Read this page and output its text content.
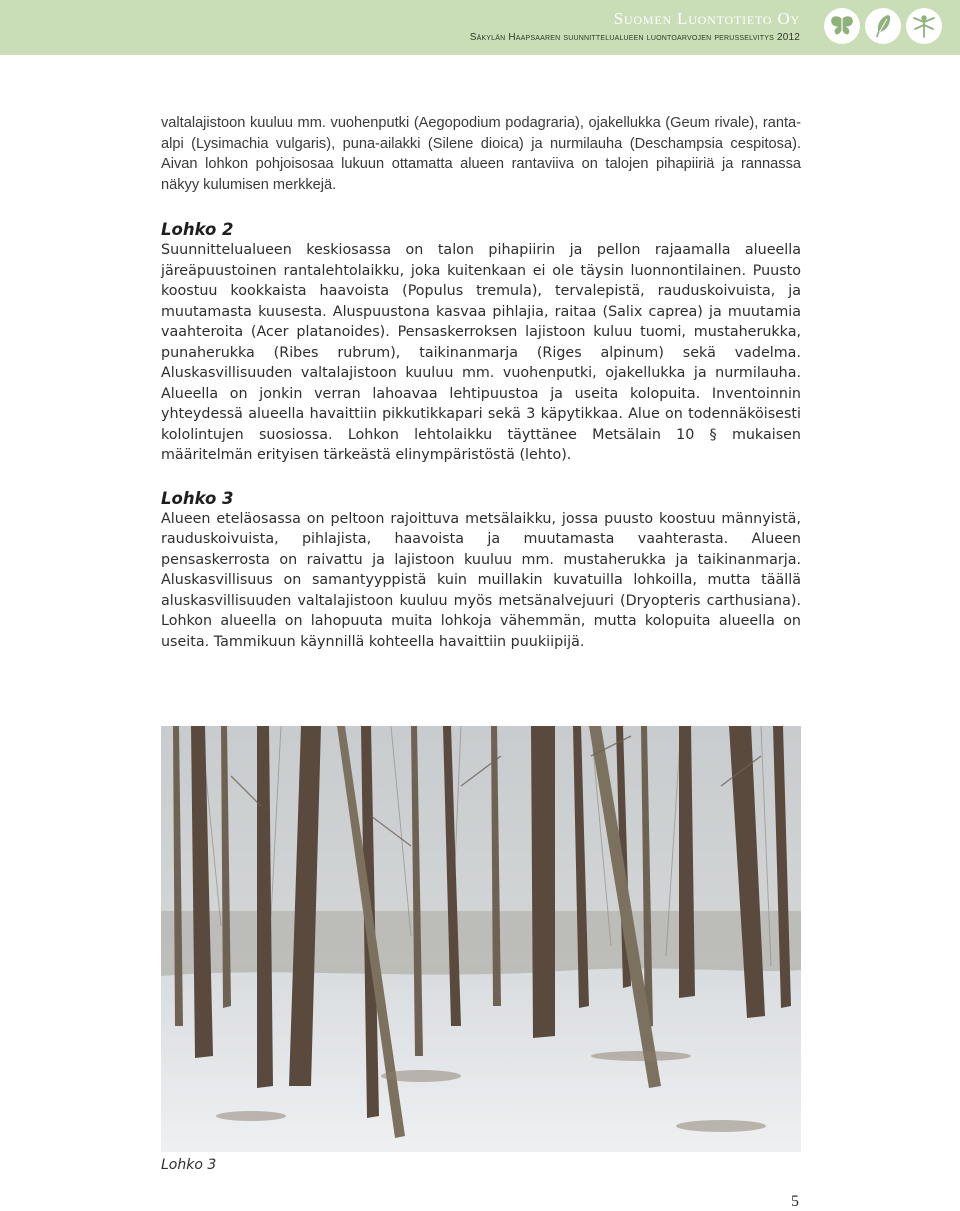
Suomen Luontotieto Oy
Säkylän Haapsaaren suunnittelualueen luontoarvojen perusselvitys 2012

valtalajistoon kuuluu mm. vuohenputki (Aegopodium podagraria), ojakellukka (Geum rivale), ranta-alpi (Lysimachia vulgaris), puna-ailakki (Silene dioica) ja nurmilauha (Deschampsia cespitosa). Aivan lohkon pohjoisosaa lukuun ottamatta alueen rantaviiva on talojen pihapiiriä ja rannassa näkyy kulumisen merkkejä.

Lohko 2

Suunnittelualueen keskiosassa on talon pihapiirin ja pellon rajaamalla alueella järeäpuustoinen rantalehtolaikku, joka kuitenkaan ei ole täysin luonnontilainen. Puusto koostuu kookkaista haavoista (Populus tremula), tervalepistä, rauduskoivuista, ja muutamasta kuusesta. Aluspuustona kasvaa pihlajia, raitaa (Salix caprea) ja muutamia vaahteroita (Acer platanoides). Pensaskerroksen lajistoon kuluu tuomi, mustaherukka, punaherukka (Ribes rubrum), taikinanmarja (Riges alpinum) sekä vadelma. Aluskasvillisuuden valtalajistoon kuuluu mm. vuohenputki, ojakellukka ja nurmilauha. Alueella on jonkin verran lahoavaa lehtipuustoa ja useita kolopuita. Inventoinnin yhteydessä alueella havaittiin pikkutikkapari sekä 3 käpytikkaa. Alue on todennäköisesti kololintujen suosiossa. Lohkon lehtolaikku täyttänee Metsälain 10 § mukaisen määritelmän erityisen tärkeästä elinympäristöstä (lehto).

Lohko 3

Alueen eteläosassa on peltoon rajoittuva metsälaikku, jossa puusto koostuu männyistä, rauduskoivuista, pihlajista, haavoista ja muutamasta vaahterasta. Alueen pensaskerrosta on raivattu ja lajistoon kuuluu mm. mustaherukka ja taikinanmarja. Aluskasvillisuus on samantyyppistä kuin muillakin kuvatuilla lohkoilla, mutta täällä aluskasvillisuuden valtalajistoon kuuluu myös metsänalvejuuri (Dryopteris carthusiana). Lohkon alueella on lahopuuta muita lohkoja vähemmän, mutta kolopuita alueella on useita. Tammikuun käynnillä kohteella havaittiin puukiipijä.

Lohko 3
5
